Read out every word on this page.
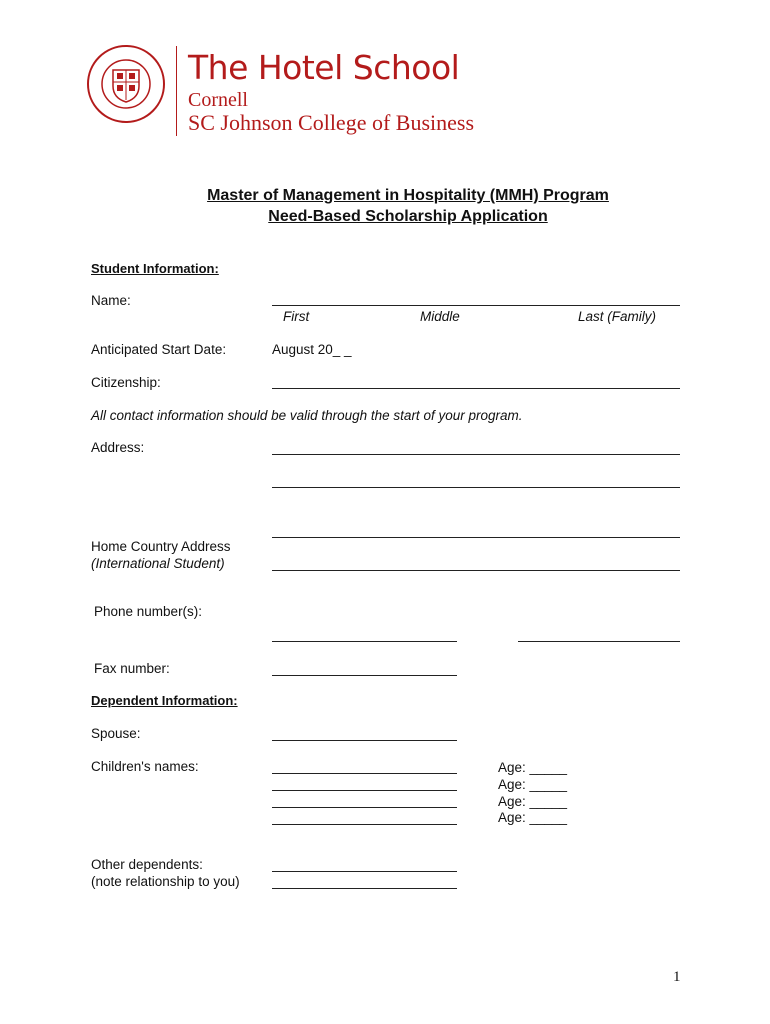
The Hotel School
Cornell
SC Johnson College of Business
Master of Management in Hospitality (MMH) Program
Need-Based Scholarship Application
Student Information:
Name:
First	Middle	Last (Family)
Anticipated Start Date:	August 20_ _
Citizenship:
All contact information should be valid through the start of your program.
Address:
Home Country Address
(International Student)
Phone number(s):
Fax number:
Dependent Information:
Spouse:
Children's names:	Age: _____
Age: _____
Age: _____
Age: _____
Other dependents:
(note relationship to you)
1
